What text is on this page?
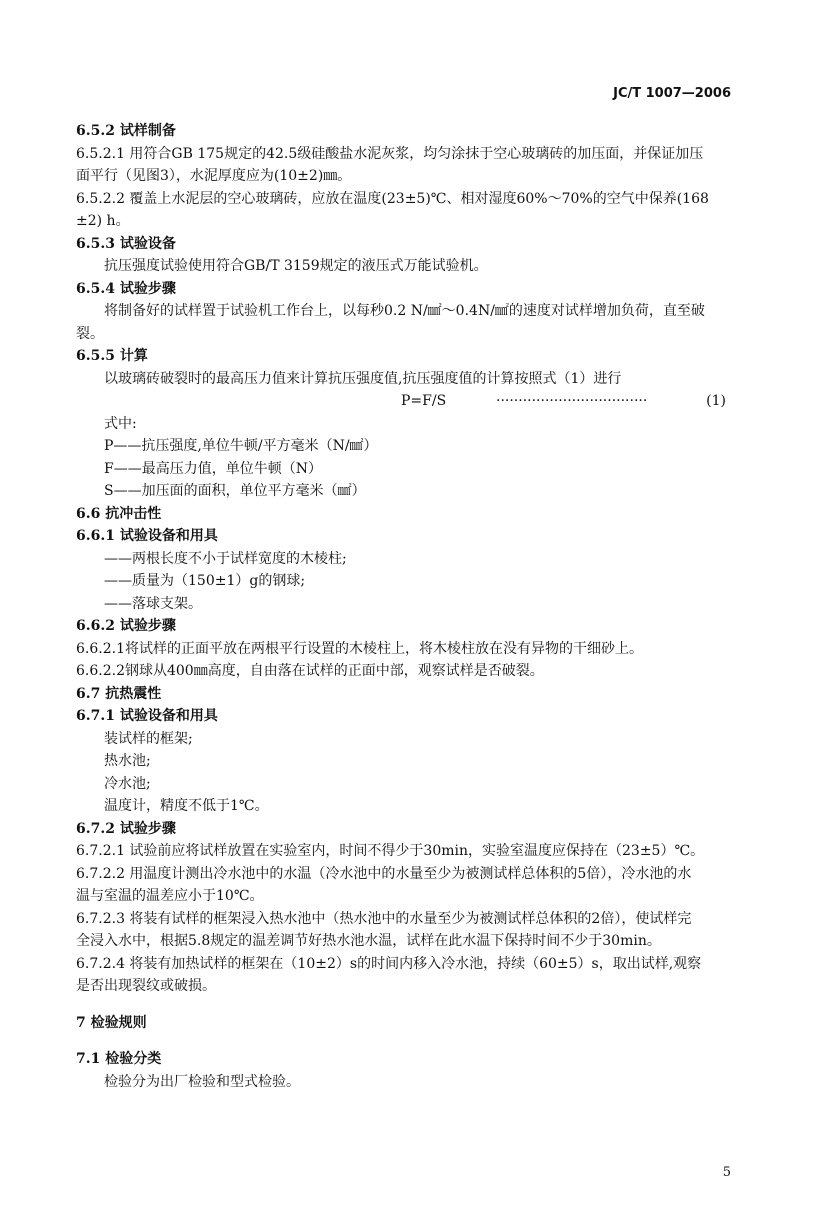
JC/T 1007—2006
6.5.2 试样制备
6.5.2.1 用符合GB 175规定的42.5级硅酸盐水泥灰浆，均匀涂抹于空心玻璃砖的加压面，并保证加压
面平行（见图3），水泥厚度应为(10±2)㎜。
6.5.2.2 覆盖上水泥层的空心玻璃砖，应放在温度(23±5)℃、相对湿度60%～70%的空气中保养(168
±2) h。
6.5.3 试验设备
抗压强度试验使用符合GB/T 3159规定的液压式万能试验机。
6.5.4 试验步骤
将制备好的试样置于试验机工作台上，以每秒0.2 N/㎟～0.4N/㎟的速度对试样增加负荷，直至破
裂。
6.5.5 计算
以玻璃砖破裂时的最高压力值来计算抗压强度值,抗压强度值的计算按照式（1）进行
P=F/S	··································	(1)
式中:
P——抗压强度,单位牛顿/平方毫米（N/㎟）
F——最高压力值，单位牛顿（N）
S——加压面的面积，单位平方毫米（㎟）
6.6 抗冲击性
6.6.1 试验设备和用具
——两根长度不小于试样宽度的木棱柱;
——质量为（150±1）g的钢球;
——落球支架。
6.6.2 试验步骤
6.6.2.1将试样的正面平放在两根平行设置的木棱柱上，将木棱柱放在没有异物的干细砂上。
6.6.2.2钢球从400㎜高度，自由落在试样的正面中部，观察试样是否破裂。
6.7 抗热震性
6.7.1 试验设备和用具
装试样的框架;
热水池;
冷水池;
温度计，精度不低于1℃。
6.7.2 试验步骤
6.7.2.1 试验前应将试样放置在实验室内，时间不得少于30min，实验室温度应保持在（23±5）℃。
6.7.2.2 用温度计测出冷水池中的水温（冷水池中的水量至少为被测试样总体积的5倍），冷水池的水
温与室温的温差应小于10℃。
6.7.2.3 将装有试样的框架浸入热水池中（热水池中的水量至少为被测试样总体积的2倍），使试样完
全浸入水中，根据5.8规定的温差调节好热水池水温，试样在此水温下保持时间不少于30min。
6.7.2.4 将装有加热试样的框架在（10±2）s的时间内移入冷水池，持续（60±5）s，取出试样,观察
是否出现裂纹或破损。
7 检验规则
7.1 检验分类
检验分为出厂检验和型式检验。
5
